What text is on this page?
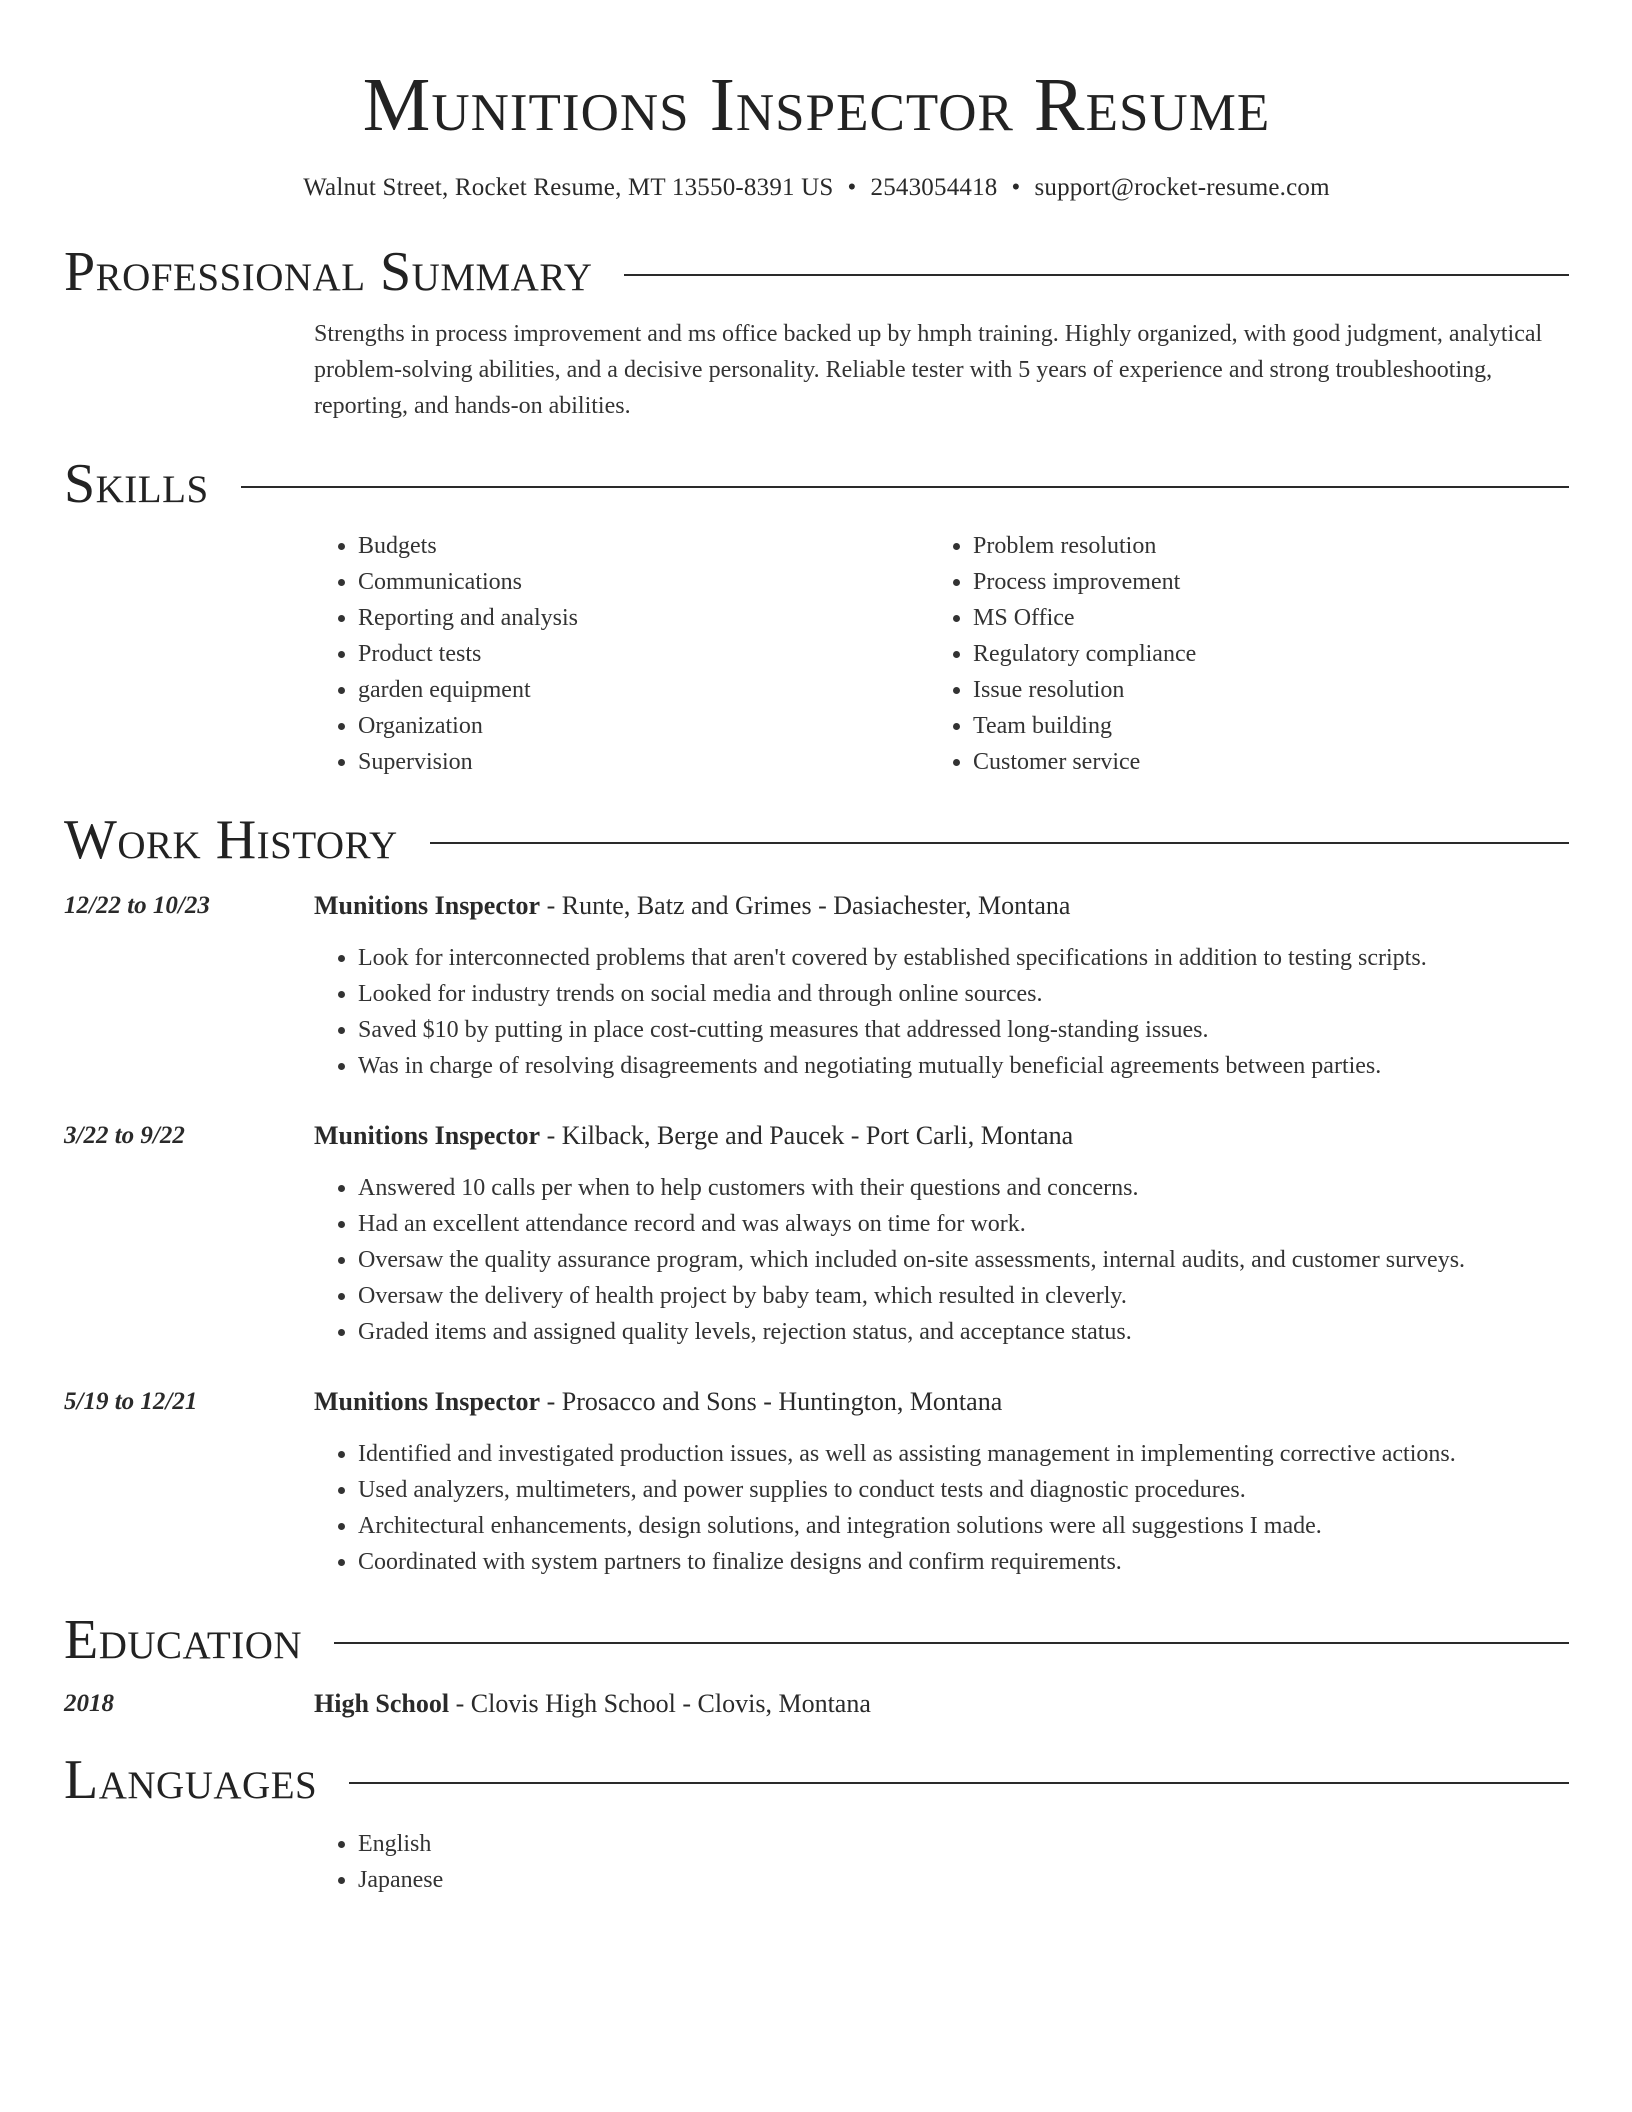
Munitions Inspector Resume
Walnut Street, Rocket Resume, MT 13550-8391 US • 2543054418 • support@rocket-resume.com
Professional Summary

Strengths in process improvement and ms office backed up by hmph training. Highly organized, with good judgment, analytical problem-solving abilities, and a decisive personality. Reliable tester with 5 years of experience and strong troubleshooting, reporting, and hands-on abilities.

Skills
• Budgets
• Communications
• Reporting and analysis
• Product tests
• garden equipment
• Organization
• Supervision
• Problem resolution
• Process improvement
• MS Office
• Regulatory compliance
• Issue resolution
• Team building
• Customer service
Work History
12/22 to 10/23	Munitions Inspector - Runte, Batz and Grimes - Dasiachester, Montana
• Look for interconnected problems that aren't covered by established specifications in addition to testing scripts.
• Looked for industry trends on social media and through online sources.
• Saved $10 by putting in place cost-cutting measures that addressed long-standing issues.
• Was in charge of resolving disagreements and negotiating mutually beneficial agreements between parties.
3/22 to 9/22	Munitions Inspector - Kilback, Berge and Paucek - Port Carli, Montana
• Answered 10 calls per when to help customers with their questions and concerns.
• Had an excellent attendance record and was always on time for work.
• Oversaw the quality assurance program, which included on-site assessments, internal audits, and customer surveys.
• Oversaw the delivery of health project by baby team, which resulted in cleverly.
• Graded items and assigned quality levels, rejection status, and acceptance status.
5/19 to 12/21	Munitions Inspector - Prosacco and Sons - Huntington, Montana
• Identified and investigated production issues, as well as assisting management in implementing corrective actions.
• Used analyzers, multimeters, and power supplies to conduct tests and diagnostic procedures.
• Architectural enhancements, design solutions, and integration solutions were all suggestions I made.
• Coordinated with system partners to finalize designs and confirm requirements.
Education
2018	High School - Clovis High School - Clovis, Montana
Languages
• English
• Japanese
